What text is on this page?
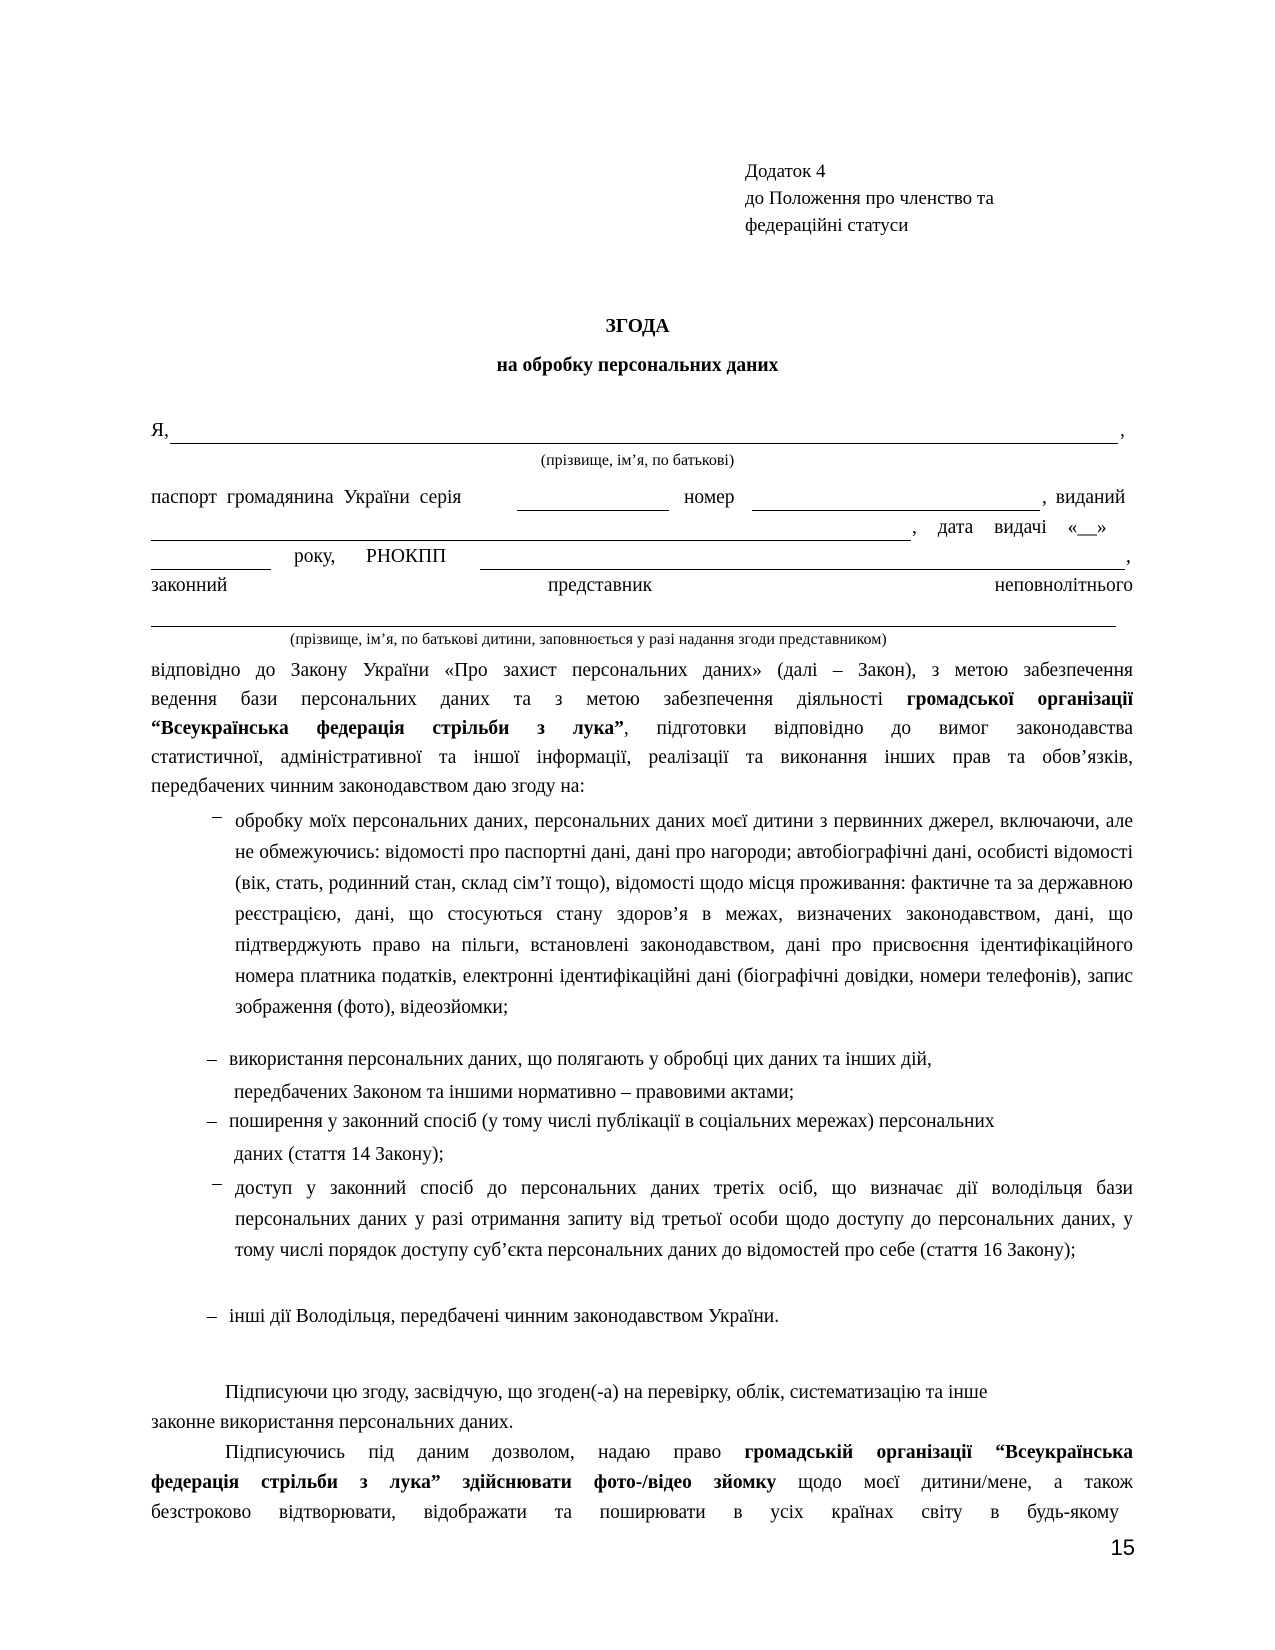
Додаток 4
до Положення про членство та
федераційні статуси
ЗГОДА
на обробку персональних даних
Я,	,
(прізвище, ім’я, по батькові)
паспорт громадянина України серія	номер	, виданий
, дата видачі «__»
року, РНОКПП	,
законний	представник	неповнолітнього
(прізвище, ім’я, по батькові дитини, заповнюється у разі надання згоди представником)
відповідно до Закону України «Про захист персональних даних» (далі – Закон), з метою забезпечення
ведення бази персональних даних та з метою забезпечення діяльності громадської організації
“Всеукраїнська федерація стрільби з лука”, підготовки відповідно до вимог законодавства
статистичної, адміністративної та іншої інформації, реалізації та виконання інших прав та обов’язків,
передбачених чинним законодавством даю згоду на:
– обробку моїх персональних даних, персональних даних моєї дитини з первинних джерел, включаючи, але не обмежуючись: відомості про паспортні дані, дані про нагороди; автобіографічні дані, особисті відомості (вік, стать, родинний стан, склад сім’ї тощо), відомості щодо місця проживання: фактичне та за державною реєстрацією, дані, що стосуються стану здоров’я в межах, визначених законодавством, дані, що підтверджують право на пільги, встановлені законодавством, дані про присвоєння ідентифікаційного номера платника податків, електронні ідентифікаційні дані (біографічні довідки, номери телефонів), запис зображення (фото), відеозйомки;
– використання персональних даних, що полягають у обробці цих даних та інших дій,
передбачених Законом та іншими нормативно – правовими актами;
– поширення у законний спосіб (у тому числі публікації в соціальних мережах) персональних
даних (стаття 14 Закону);
– доступ у законний спосіб до персональних даних третіх осіб, що визначає дії володільця бази персональних даних у разі отримання запиту від третьої особи щодо доступу до персональних даних, у тому числі порядок доступу суб’єкта персональних даних до відомостей про себе (стаття 16 Закону);
– інші дії Володільця, передбачені чинним законодавством України.
Підписуючи цю згоду, засвідчую, що згоден(-а) на перевірку, облік, систематизацію та інше
законне використання персональних даних.
Підписуючись під даним дозволом, надаю право громадській організації “Всеукраїнська
федерація стрільби з лука” здійснювати фото-/відео зйомку щодо моєї дитини/мене, а також
безстроково відтворювати, відображати та поширювати в усіх країнах світу в будь-якому
15
